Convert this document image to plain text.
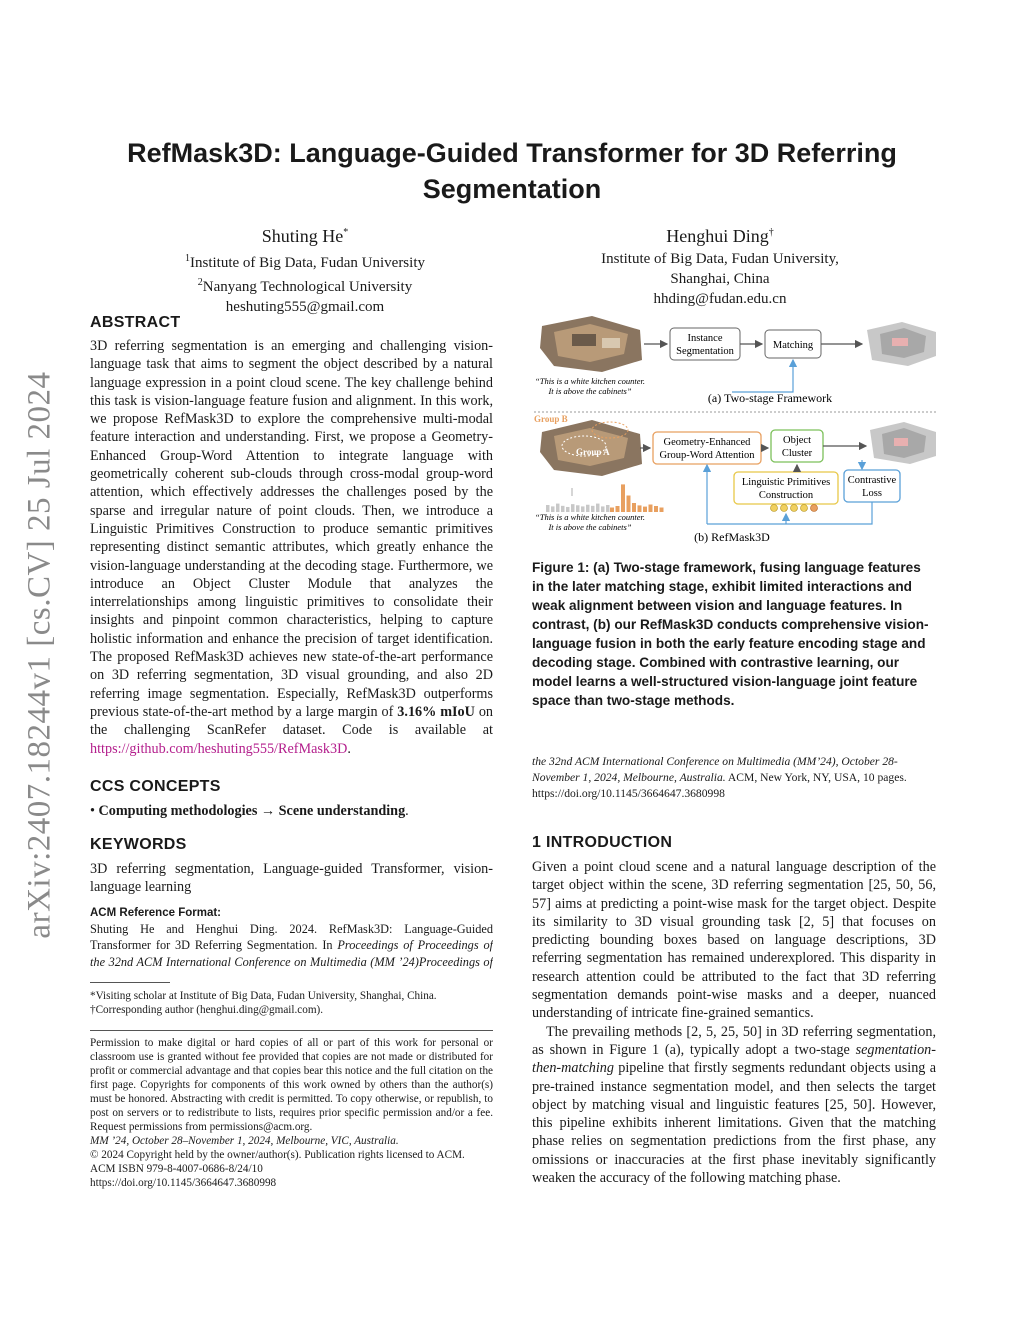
arXiv:2407.18244v1 [cs.CV] 25 Jul 2024
RefMask3D: Language-Guided Transformer for 3D Referring Segmentation
Shuting He*
$^1$Institute of Big Data, Fudan University
$^2$Nanyang Technological University
heshuting555@gmail.com
Henghui Ding†
Institute of Big Data, Fudan University,
Shanghai, China
hhding@fudan.edu.cn
ABSTRACT

3D referring segmentation is an emerging and challenging vision-language task that aims to segment the object described by a natural language expression in a point cloud scene. The key challenge behind this task is vision-language feature fusion and alignment. In this work, we propose RefMask3D to explore the comprehensive multi-modal feature interaction and understanding. First, we propose a Geometry-Enhanced Group-Word Attention to integrate language with geometrically coherent sub-clouds through cross-modal group-word attention, which effectively addresses the challenges posed by the sparse and irregular nature of point clouds. Then, we introduce a Linguistic Primitives Construction to produce semantic primitives representing distinct semantic attributes, which greatly enhance the vision-language understanding at the decoding stage. Furthermore, we introduce an Object Cluster Module that analyzes the interrelationships among linguistic primitives to consolidate their insights and pinpoint common characteristics, helping to capture holistic information and enhance the precision of target identification. The proposed RefMask3D achieves new state-of-the-art performance on 3D referring segmentation, 3D visual grounding, and also 2D referring image segmentation. Especially, RefMask3D outperforms previous state-of-the-art method by a large margin of 3.16% mIoU on the challenging ScanRefer dataset. Code is available at https://github.com/heshuting555/RefMask3D.

CCS CONCEPTS

• Computing methodologies → Scene understanding.

KEYWORDS

3D referring segmentation, Language-guided Transformer, vision-language learning

ACM Reference Format:

Shuting He and Henghui Ding. 2024. RefMask3D: Language-Guided Transformer for 3D Referring Segmentation. In Proceedings of Proceedings of the 32nd ACM International Conference on Multimedia (MM ’24)Proceedings of

*Visiting scholar at Institute of Big Data, Fudan University, Shanghai, China.

†Corresponding author (henghui.ding@gmail.com).

Permission to make digital or hard copies of all or part of this work for personal or classroom use is granted without fee provided that copies are not made or distributed for profit or commercial advantage and that copies bear this notice and the full citation on the first page. Copyrights for components of this work owned by others than the author(s) must be honored. Abstracting with credit is permitted. To copy otherwise, or republish, to post on servers or to redistribute to lists, requires prior specific permission and/or a fee. Request permissions from permissions@acm.org.

MM ’24, October 28–November 1, 2024, Melbourne, VIC, Australia.

© 2024 Copyright held by the owner/author(s). Publication rights licensed to ACM.

ACM ISBN 979-8-4007-0686-8/24/10

https://doi.org/10.1145/3664647.3680998

Instance
Segmentation
Matching
“This is a white kitchen counter.
It is above the cabinets”	(a) Two-stage Framework
Group B
Group A
“This is a white kitchen counter.
It is above the cabinets”
Geometry-Enhanced
Group-Word Attention
Object
Cluster
Linguistic Primitives
Construction
Contrastive
Loss
(b) RefMask3D

Figure 1: (a) Two-stage framework, fusing language features in the later matching stage, exhibit limited interactions and weak alignment between vision and language features. In contrast, (b) our RefMask3D conducts comprehensive vision-language fusion in both the early feature encoding stage and decoding stage. Combined with contrastive learning, our model learns a well-structured vision-language joint feature space than two-stage methods.

the 32nd ACM International Conference on Multimedia (MM’24), October 28-November 1, 2024, Melbourne, Australia. ACM, New York, NY, USA, 10 pages. https://doi.org/10.1145/3664647.3680998

1 INTRODUCTION

Given a point cloud scene and a natural language description of the target object within the scene, 3D referring segmentation [25, 50, 56, 57] aims at predicting a point-wise mask for the target object. Despite its similarity to 3D visual grounding task [2, 5] that focuses on predicting bounding boxes based on language descriptions, 3D referring segmentation has remained underexplored. This disparity in research attention could be attributed to the fact that 3D referring segmentation demands point-wise masks and a deeper, nuanced understanding of intricate fine-grained semantics.

The prevailing methods [2, 5, 25, 50] in 3D referring segmentation, as shown in Figure 1 (a), typically adopt a two-stage segmentation-then-matching pipeline that firstly segments redundant objects using a pre-trained instance segmentation model, and then selects the target object by matching visual and linguistic features [25, 50]. However, this pipeline exhibits inherent limitations. Given that the matching phase relies on segmentation predictions from the first phase, any omissions or inaccuracies at the first phase inevitably significantly weaken the accuracy of the following matching phase.
